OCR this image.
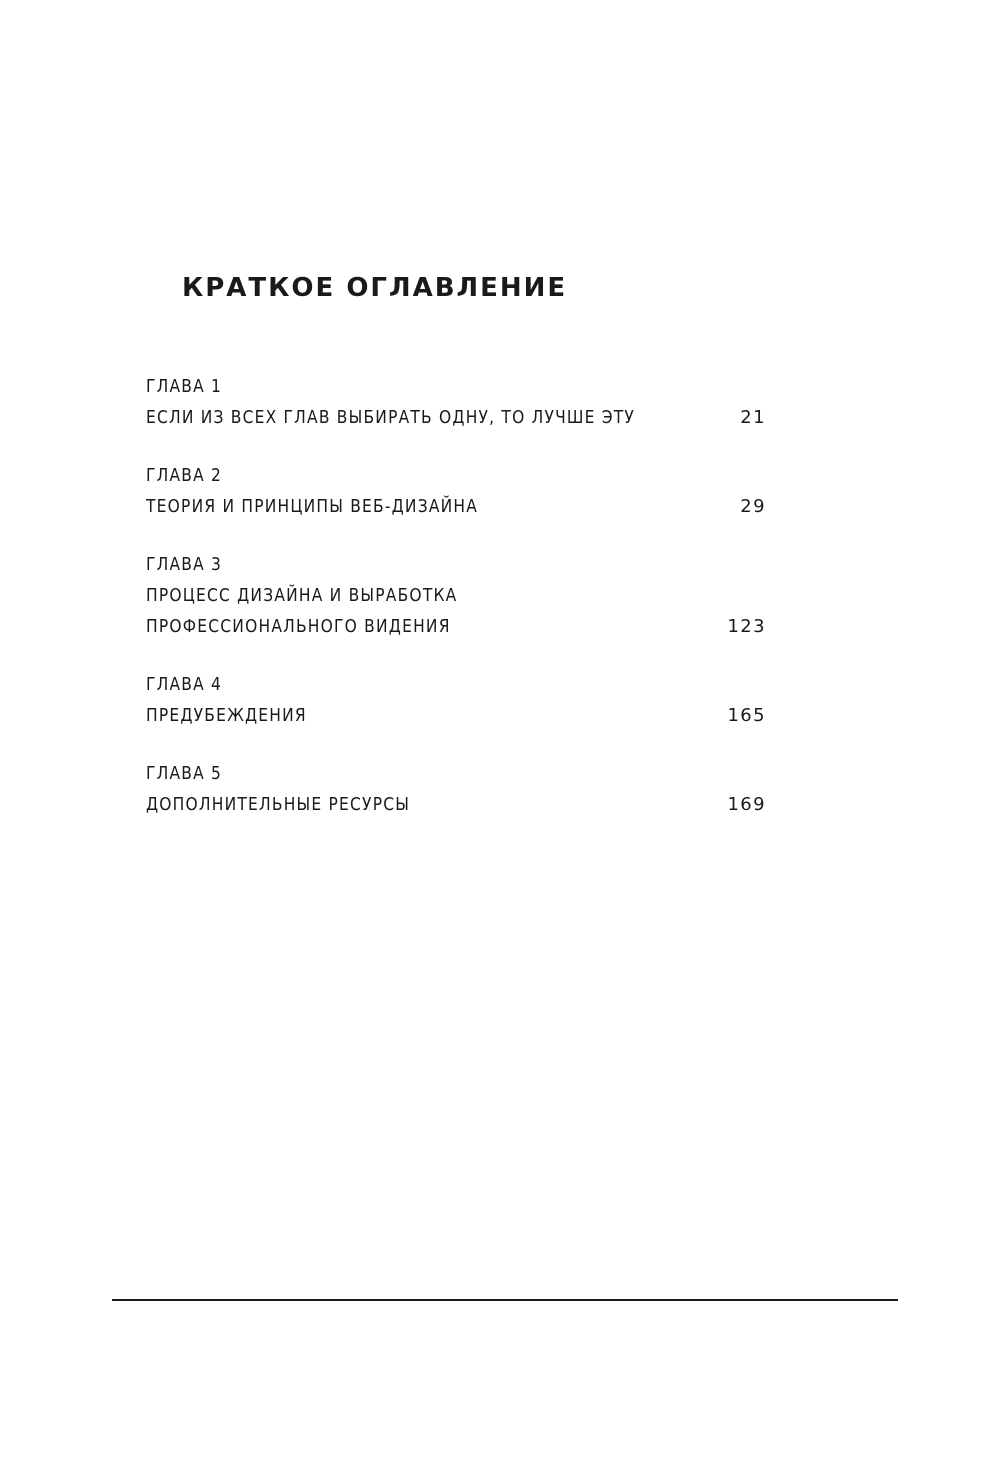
КРАТКОЕ ОГЛАВЛЕНИЕ
ГЛАВА 1
ЕСЛИ ИЗ ВСЕХ ГЛАВ ВЫБИРАТЬ ОДНУ, ТО ЛУЧШЕ ЭТУ	21
ГЛАВА 2
ТЕОРИЯ И ПРИНЦИПЫ ВЕБ-ДИЗАЙНА	29
ГЛАВА 3
ПРОЦЕСС ДИЗАЙНА И ВЫРАБОТКА
ПРОФЕССИОНАЛЬНОГО ВИДЕНИЯ	123
ГЛАВА 4
ПРЕДУБЕЖДЕНИЯ	165
ГЛАВА 5
ДОПОЛНИТЕЛЬНЫЕ РЕСУРСЫ	169
